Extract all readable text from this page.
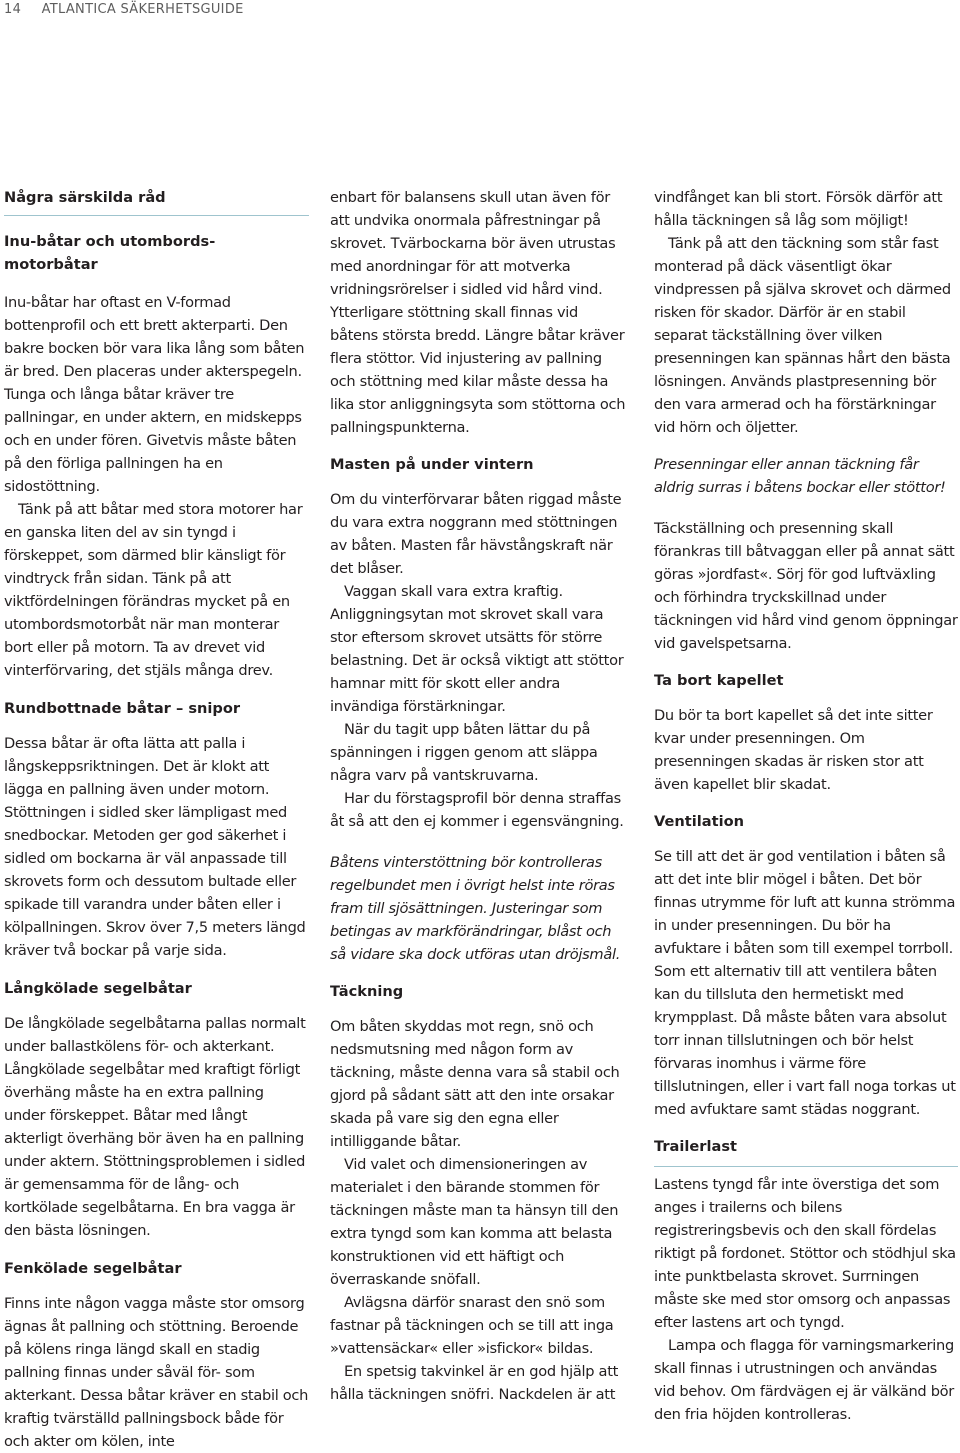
14 ATLANTICA SÄKERHETSGUIDE

Några särskilda råd

Inu-båtar och utombords-
motorbåtar

Inu-båtar har oftast en V-formad bottenprofil och ett brett akterparti. Den bakre bocken bör vara lika lång som båten är bred. Den placeras under akterspegeln. Tunga och långa båtar kräver tre pallningar, en under aktern, en midskepps och en under fören. Givetvis måste båten på den förliga pallningen ha en sidostöttning.

Tänk på att båtar med stora motorer har en ganska liten del av sin tyngd i förskeppet, som därmed blir känsligt för vindtryck från sidan. Tänk på att viktfördelningen förändras mycket på en utombordsmotorbåt när man monterar bort eller på motorn. Ta av drevet vid vinterförvaring, det stjäls många drev.

Rundbottnade båtar – snipor

Dessa båtar är ofta lätta att palla i långskeppsriktningen. Det är klokt att lägga en pallning även under motorn. Stöttningen i sidled sker lämpligast med snedbockar. Metoden ger god säkerhet i sidled om bockarna är väl anpassade till skrovets form och dessutom bultade eller spikade till varandra under båten eller i kölpallningen. Skrov över 7,5 meters längd kräver två bockar på varje sida.

Långkölade segelbåtar

De långkölade segelbåtarna pallas normalt under ballastkölens för- och akterkant. Långkölade segelbåtar med kraftigt förligt överhäng måste ha en extra pallning under förskeppet. Båtar med långt akterligt överhäng bör även ha en pallning under aktern. Stöttningsproblemen i sidled är gemensamma för de lång- och kortkölade segelbåtarna. En bra vagga är den bästa lösningen.

Fenkölade segelbåtar

Finns inte någon vagga måste stor omsorg ägnas åt pallning och stöttning. Beroende på kölens ringa längd skall en stadig pallning finnas under såväl för- som akterkant. Dessa båtar kräver en stabil och kraftig tvärställd pallningsbock både för och akter om kölen, inte

enbart för balansens skull utan även för att undvika onormala påfrestningar på skrovet. Tvärbockarna bör även utrustas med anordningar för att motverka vridningsrörelser i sidled vid hård vind. Ytterligare stöttning skall finnas vid båtens största bredd. Längre båtar kräver flera stöttor. Vid injustering av pallning och stöttning med kilar måste dessa ha lika stor anliggningsyta som stöttorna och pallningspunkterna.

Masten på under vintern

Om du vinterförvarar båten riggad måste du vara extra noggrann med stöttningen av båten. Masten får hävstångskraft när det blåser.

Vaggan skall vara extra kraftig. Anliggningsytan mot skrovet skall vara stor eftersom skrovet utsätts för större belastning. Det är också viktigt att stöttor hamnar mitt för skott eller andra invändiga förstärkningar.

När du tagit upp båten lättar du på spänningen i riggen genom att släppa några varv på vantskruvarna.

Har du förstagsprofil bör denna straffas åt så att den ej kommer i egensvängning.

Båtens vinterstöttning bör kontrolleras regelbundet men i övrigt helst inte röras fram till sjösättningen. Justeringar som betingas av markförändringar, blåst och så vidare ska dock utföras utan dröjsmål.

Täckning

Om båten skyddas mot regn, snö och nedsmutsning med någon form av täckning, måste denna vara så stabil och gjord på sådant sätt att den inte orsakar skada på vare sig den egna eller intilliggande båtar.

Vid valet och dimensioneringen av materialet i den bärande stommen för täckningen måste man ta hänsyn till den extra tyngd som kan komma att belasta konstruktionen vid ett häftigt och överraskande snöfall.

Avlägsna därför snarast den snö som fastnar på täckningen och se till att inga »vattensäckar« eller »isfickor« bildas.

En spetsig takvinkel är en god hjälp att hålla täckningen snöfri. Nackdelen är att

vindfånget kan bli stort. Försök därför att hålla täckningen så låg som möjligt!

Tänk på att den täckning som står fast monterad på däck väsentligt ökar vindpressen på själva skrovet och därmed risken för skador. Därför är en stabil separat täckställning över vilken presenningen kan spännas hårt den bästa lösningen. Används plastpresenning bör den vara armerad och ha förstärkningar vid hörn och öljetter.

Presenningar eller annan täckning får aldrig surras i båtens bockar eller stöttor!

Täckställning och presenning skall förankras till båtvaggan eller på annat sätt göras »jordfast«. Sörj för god luftväxling och förhindra tryckskillnad under täckningen vid hård vind genom öppningar vid gavelspetsarna.

Ta bort kapellet

Du bör ta bort kapellet så det inte sitter kvar under presenningen. Om presenningen skadas är risken stor att även kapellet blir skadat.

Ventilation

Se till att det är god ventilation i båten så att det inte blir mögel i båten. Det bör finnas utrymme för luft att kunna strömma in under presenningen. Du bör ha avfuktare i båten som till exempel torrboll. Som ett alternativ till att ventilera båten kan du tillsluta den hermetiskt med krympplast. Då måste båten vara absolut torr innan tillslutningen och bör helst förvaras inomhus i värme före tillslutningen, eller i vart fall noga torkas ut med avfuktare samt städas noggrant.

Trailerlast

Lastens tyngd får inte överstiga det som anges i trailerns och bilens registreringsbevis och den skall fördelas riktigt på fordonet. Stöttor och stödhjul ska inte punktbelasta skrovet. Surrningen måste ske med stor omsorg och anpassas efter lastens art och tyngd.

Lampa och flagga för varningsmarkering skall finnas i utrustningen och användas vid behov. Om färdvägen ej är välkänd bör den fria höjden kontrolleras.
